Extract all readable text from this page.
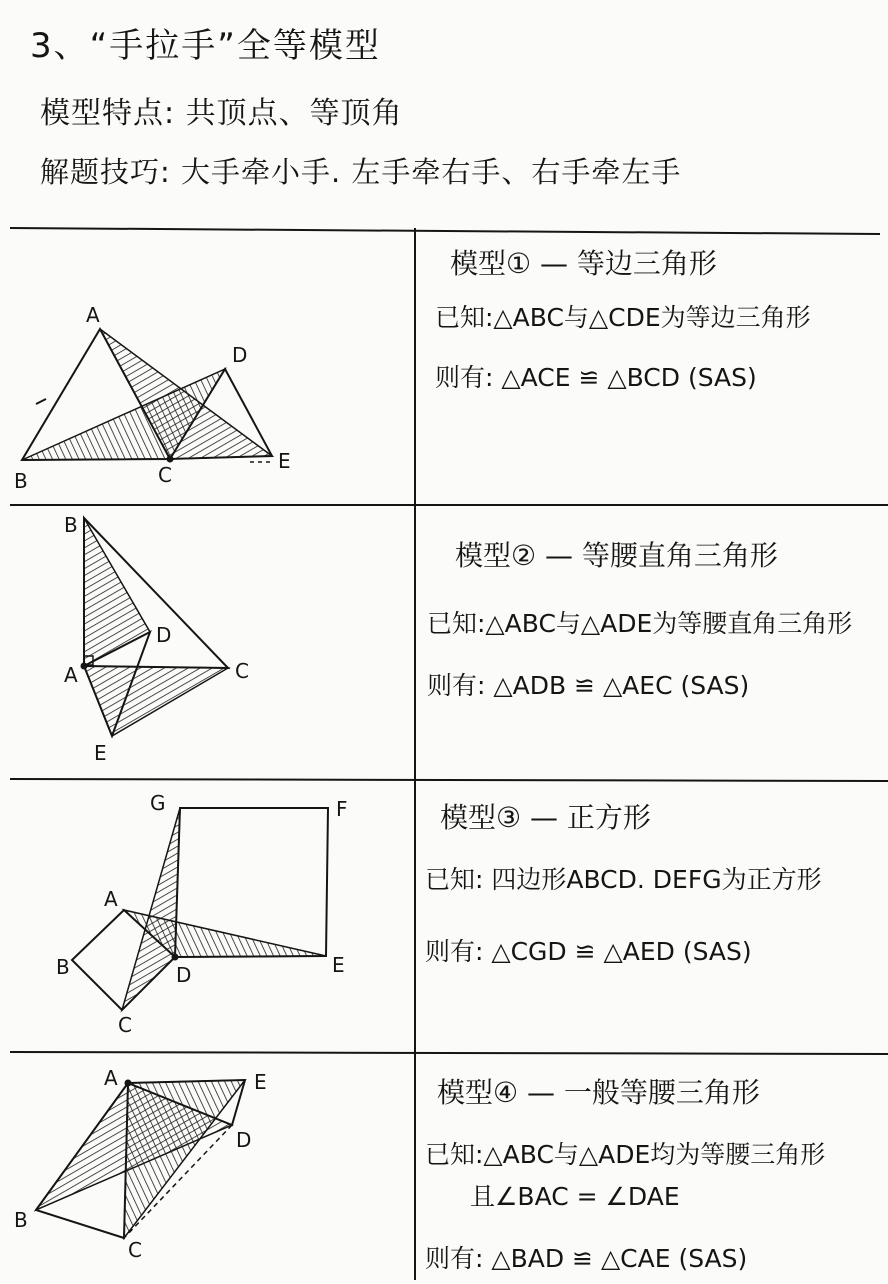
3、“手拉手”全等模型
模型特点: 共顶点、等顶角
解题技巧: 大手牵小手. 左手牵右手、右手牵左手
A
B	C
D
E
模型① — 等边三角形
已知:△ABC与△CDE为等边三角形
则有: △ACE ≌ △BCD (SAS)
B
A	C
D
E
模型② — 等腰直角三角形
已知:△ABC与△ADE为等腰直角三角形
则有: △ADB ≌ △AEC (SAS)
G	F
A
B
C
D	E
模型③ — 正方形
已知: 四边形ABCD. DEFG为正方形
则有: △CGD ≌ △AED (SAS)
A
B
C
D
E	模型④ — 一般等腰三角形
已知:△ABC与△ADE均为等腰三角形
且∠BAC = ∠DAE
则有: △BAD ≌ △CAE (SAS)
